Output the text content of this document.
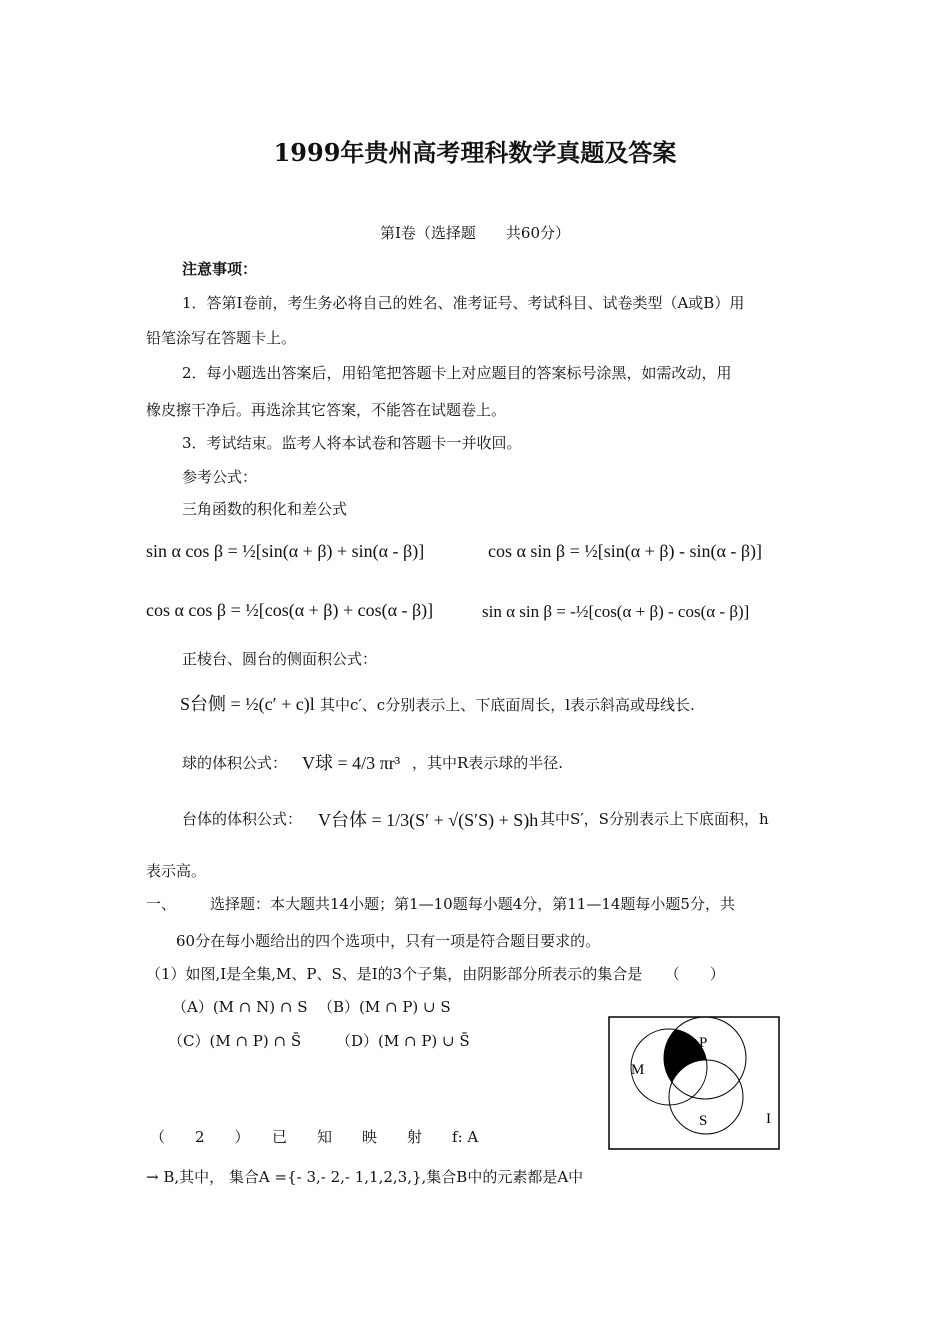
1999年贵州高考理科数学真题及答案
第I卷（选择题　　共60分）
注意事项：
1．答第I卷前，考生务必将自己的姓名、准考证号、考试科目、试卷类型（A或B）用
铅笔涂写在答题卡上。
2．每小题选出答案后，用铅笔把答题卡上对应题目的答案标号涂黑，如需改动，用
橡皮擦干净后。再选涂其它答案，不能答在试题卷上。
3．考试结束。监考人将本试卷和答题卡一并收回。
参考公式：
三角函数的积化和差公式
sin α cos β = ½[sin(α + β) + sin(α - β)]	cos α sin β = ½[sin(α + β) - sin(α - β)]
cos α cos β = ½[cos(α + β) + cos(α - β)]	sin α sin β = -½[cos(α + β) - cos(α - β)]
正棱台、圆台的侧面积公式：
S台侧 = ½(c′ + c)l 其中c′、c分别表示上、下底面周长，l表示斜高或母线长.
球的体积公式： V球 = 4/3 πr³ ，其中R表示球的半径.
台体的体积公式： V台体 = 1/3(S′ + √(S′S) + S)h
，其中S′，S分别表示上下底面积，h
表示高。
一、 选择题：本大题共14小题；第1—10题每小题4分，第11—14题每小题5分，共
60分在每小题给出的四个选项中，只有一项是符合题目要求的。
（1）如图,I是全集,M、P、S、是I的3个子集，由阴影部分所表示的集合是　　（　　）
（A）(M ∩ N) ∩ S （B）(M ∩ P) ∪ S
（C）(M ∩ P) ∩ S̄ （D）(M ∩ P) ∪ S̄
M
P
S	I
（　　2　　）　　已　　知　　映　　射　　f: A
→ B,其中， 集合A ={- 3,- 2,- 1,1,2,3,},集合B中的元素都是A中
